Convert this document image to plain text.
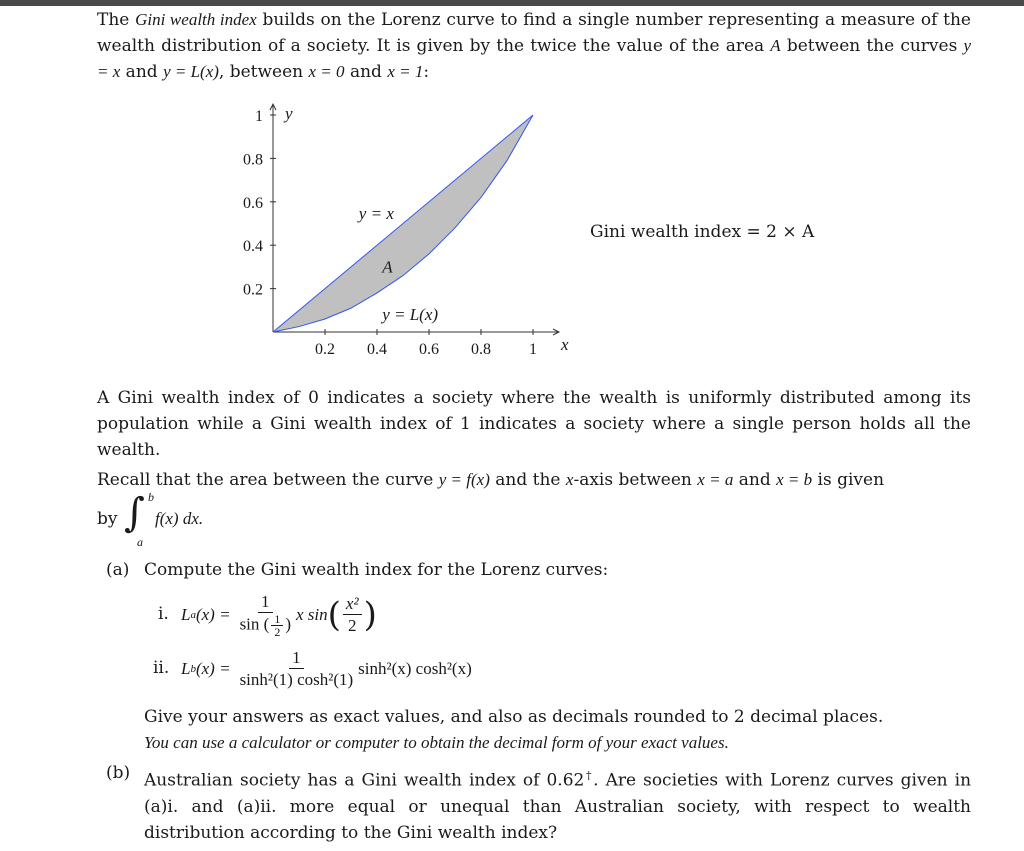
The Gini wealth index builds on the Lorenz curve to find a single number representing a measure of the wealth distribution of a society. It is given by the twice the value of the area A between the curves y = x and y = L(x), between x = 0 and x = 1:

0.2 0.4 0.6 0.8 1
0.2
0.4
0.6
0.8
1 y
x
y = x
A
y = L(x)
Gini wealth index = 2 × A

A Gini wealth index of 0 indicates a society where the wealth is uniformly distributed among its population while a Gini wealth index of 1 indicates a society where a single person holds all the wealth.

Recall that the area between the curve y = f(x) and the x-axis between x = a and x = b is given

by ∫ b
a
f(x) dx.
(a) Compute the Gini wealth index for the Lorenz curves:
i. L a $(x) = \frac{1}{\sin ( \frac{1}{2} )}$ x sin ( $\frac{\text{x²}}{2}$ )
ii. L b $(x) = \frac{1}{\text{sinh²(1) cosh²(1)}} \sinh^2(x)$ cosh²(x)
Give your answers as exact values, and also as decimals rounded to 2 decimal places.
You can use a calculator or computer to obtain the decimal form of your exact values.
(b) Australian society has a Gini wealth index of 0.62†. Are societies with Lorenz curves given in (a)i. and (a)ii. more equal or unequal than Australian society, with respect to wealth distribution according to the Gini wealth index?
